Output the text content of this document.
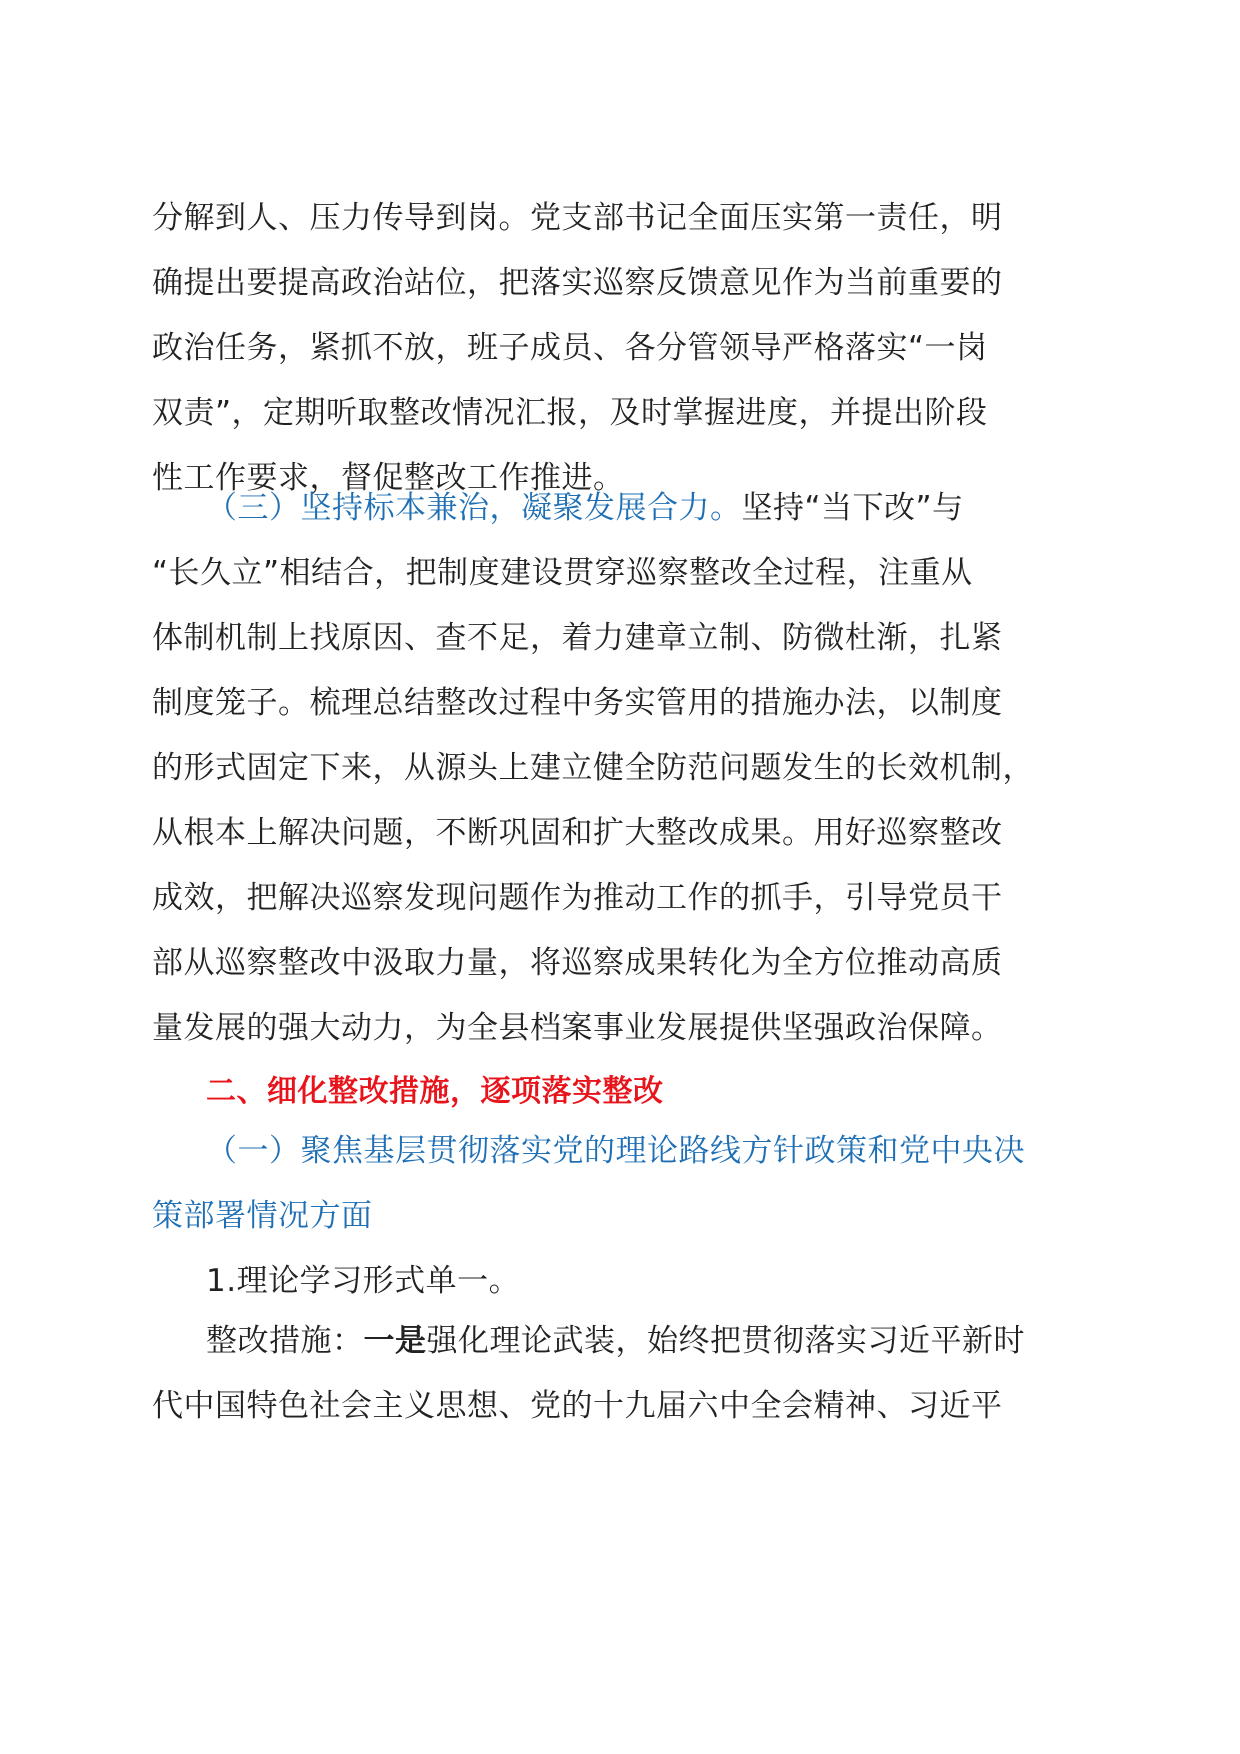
分解到人、压力传导到岗。党支部书记全面压实第一责任，明
确提出要提高政治站位，把落实巡察反馈意见作为当前重要的
政治任务，紧抓不放，班子成员、各分管领导严格落实“一岗
双责”，定期听取整改情况汇报，及时掌握进度，并提出阶段
性工作要求，督促整改工作推进。
（三）坚持标本兼治，凝聚发展合力。坚持“当下改”与
“长久立”相结合，把制度建设贯穿巡察整改全过程，注重从
体制机制上找原因、查不足，着力建章立制、防微杜渐，扎紧
制度笼子。梳理总结整改过程中务实管用的措施办法，以制度
的形式固定下来，从源头上建立健全防范问题发生的长效机制，
从根本上解决问题，不断巩固和扩大整改成果。用好巡察整改
成效，把解决巡察发现问题作为推动工作的抓手，引导党员干
部从巡察整改中汲取力量，将巡察成果转化为全方位推动高质
量发展的强大动力，为全县档案事业发展提供坚强政治保障。
二、细化整改措施，逐项落实整改
（一）聚焦基层贯彻落实党的理论路线方针政策和党中央决
策部署情况方面
1.理论学习形式单一。
整改措施：一是强化理论武装，始终把贯彻落实习近平新时
代中国特色社会主义思想、党的十九届六中全会精神、习近平
